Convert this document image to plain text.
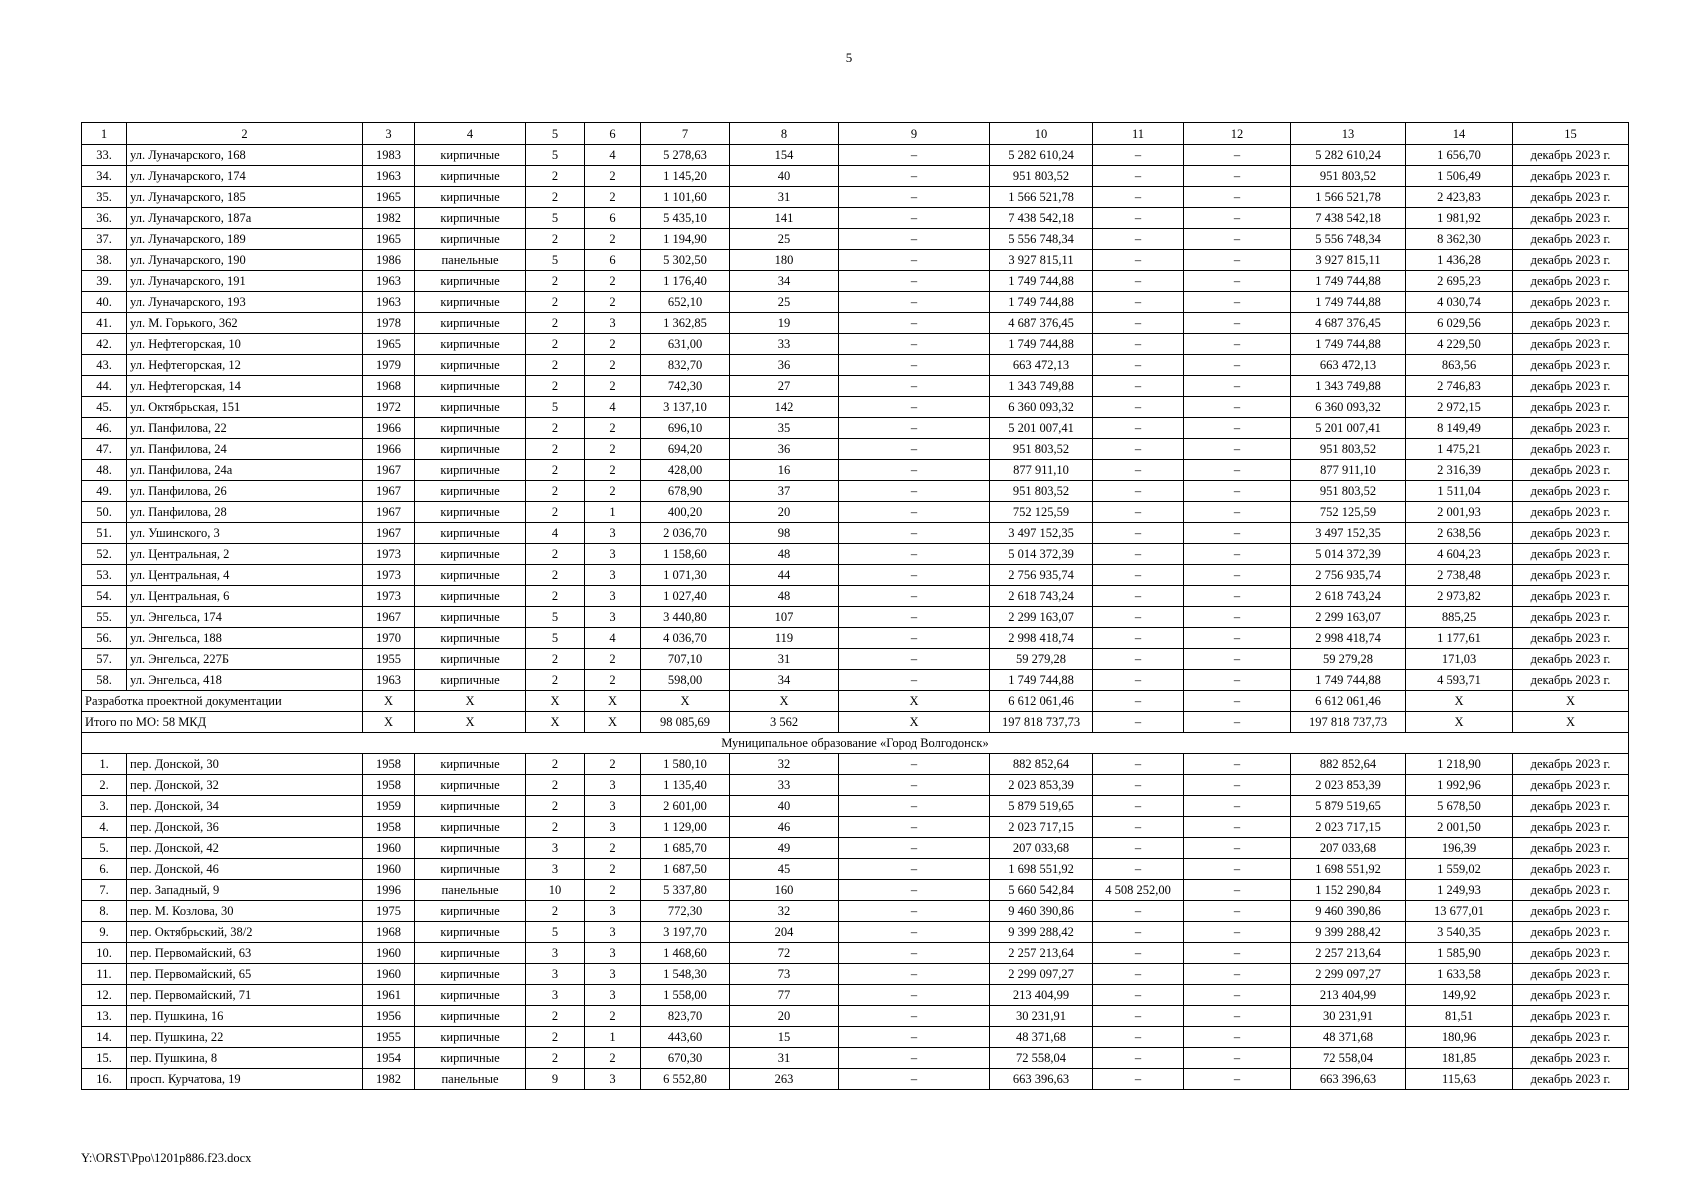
5
1	2	3	4	5	6	7	8	9	10	11	12	13	14	15
33.	ул. Луначарского, 168	1983	кирпичные	5	4	5 278,63	154	–	5 282 610,24	–	–	5 282 610,24	1 656,70	декабрь 2023 г.
34.	ул. Луначарского, 174	1963	кирпичные	2	2	1 145,20	40	–	951 803,52	–	–	951 803,52	1 506,49	декабрь 2023 г.
35.	ул. Луначарского, 185	1965	кирпичные	2	2	1 101,60	31	–	1 566 521,78	–	–	1 566 521,78	2 423,83	декабрь 2023 г.
36.	ул. Луначарского, 187а	1982	кирпичные	5	6	5 435,10	141	–	7 438 542,18	–	–	7 438 542,18	1 981,92	декабрь 2023 г.
37.	ул. Луначарского, 189	1965	кирпичные	2	2	1 194,90	25	–	5 556 748,34	–	–	5 556 748,34	8 362,30	декабрь 2023 г.
38.	ул. Луначарского, 190	1986	панельные	5	6	5 302,50	180	–	3 927 815,11	–	–	3 927 815,11	1 436,28	декабрь 2023 г.
39.	ул. Луначарского, 191	1963	кирпичные	2	2	1 176,40	34	–	1 749 744,88	–	–	1 749 744,88	2 695,23	декабрь 2023 г.
40.	ул. Луначарского, 193	1963	кирпичные	2	2	652,10	25	–	1 749 744,88	–	–	1 749 744,88	4 030,74	декабрь 2023 г.
41.	ул. М. Горького, 362	1978	кирпичные	2	3	1 362,85	19	–	4 687 376,45	–	–	4 687 376,45	6 029,56	декабрь 2023 г.
42.	ул. Нефтегорская, 10	1965	кирпичные	2	2	631,00	33	–	1 749 744,88	–	–	1 749 744,88	4 229,50	декабрь 2023 г.
43.	ул. Нефтегорская, 12	1979	кирпичные	2	2	832,70	36	–	663 472,13	–	–	663 472,13	863,56	декабрь 2023 г.
44.	ул. Нефтегорская, 14	1968	кирпичные	2	2	742,30	27	–	1 343 749,88	–	–	1 343 749,88	2 746,83	декабрь 2023 г.
45.	ул. Октябрьская, 151	1972	кирпичные	5	4	3 137,10	142	–	6 360 093,32	–	–	6 360 093,32	2 972,15	декабрь 2023 г.
46.	ул. Панфилова, 22	1966	кирпичные	2	2	696,10	35	–	5 201 007,41	–	–	5 201 007,41	8 149,49	декабрь 2023 г.
47.	ул. Панфилова, 24	1966	кирпичные	2	2	694,20	36	–	951 803,52	–	–	951 803,52	1 475,21	декабрь 2023 г.
48.	ул. Панфилова, 24а	1967	кирпичные	2	2	428,00	16	–	877 911,10	–	–	877 911,10	2 316,39	декабрь 2023 г.
49.	ул. Панфилова, 26	1967	кирпичные	2	2	678,90	37	–	951 803,52	–	–	951 803,52	1 511,04	декабрь 2023 г.
50.	ул. Панфилова, 28	1967	кирпичные	2	1	400,20	20	–	752 125,59	–	–	752 125,59	2 001,93	декабрь 2023 г.
51.	ул. Ушинского, 3	1967	кирпичные	4	3	2 036,70	98	–	3 497 152,35	–	–	3 497 152,35	2 638,56	декабрь 2023 г.
52.	ул. Центральная, 2	1973	кирпичные	2	3	1 158,60	48	–	5 014 372,39	–	–	5 014 372,39	4 604,23	декабрь 2023 г.
53.	ул. Центральная, 4	1973	кирпичные	2	3	1 071,30	44	–	2 756 935,74	–	–	2 756 935,74	2 738,48	декабрь 2023 г.
54.	ул. Центральная, 6	1973	кирпичные	2	3	1 027,40	48	–	2 618 743,24	–	–	2 618 743,24	2 973,82	декабрь 2023 г.
55.	ул. Энгельса, 174	1967	кирпичные	5	3	3 440,80	107	–	2 299 163,07	–	–	2 299 163,07	885,25	декабрь 2023 г.
56.	ул. Энгельса, 188	1970	кирпичные	5	4	4 036,70	119	–	2 998 418,74	–	–	2 998 418,74	1 177,61	декабрь 2023 г.
57.	ул. Энгельса, 227Б	1955	кирпичные	2	2	707,10	31	–	59 279,28	–	–	59 279,28	171,03	декабрь 2023 г.
58.	ул. Энгельса, 418	1963	кирпичные	2	2	598,00	34	–	1 749 744,88	–	–	1 749 744,88	4 593,71	декабрь 2023 г.
Разработка проектной документации		X	X	X	X	X	X	X	6 612 061,46	–	–	6 612 061,46	X	X
Итого по МО: 58 МКД		X	X	X	X	98 085,69	3 562	X	197 818 737,73	–	–	197 818 737,73	X	X
Муниципальное образование «Город Волгодонск»														
1.	пер. Донской, 30	1958	кирпичные	2	2	1 580,10	32	–	882 852,64	–	–	882 852,64	1 218,90	декабрь 2023 г.
2.	пер. Донской, 32	1958	кирпичные	2	3	1 135,40	33	–	2 023 853,39	–	–	2 023 853,39	1 992,96	декабрь 2023 г.
3.	пер. Донской, 34	1959	кирпичные	2	3	2 601,00	40	–	5 879 519,65	–	–	5 879 519,65	5 678,50	декабрь 2023 г.
4.	пер. Донской, 36	1958	кирпичные	2	3	1 129,00	46	–	2 023 717,15	–	–	2 023 717,15	2 001,50	декабрь 2023 г.
5.	пер. Донской, 42	1960	кирпичные	3	2	1 685,70	49	–	207 033,68	–	–	207 033,68	196,39	декабрь 2023 г.
6.	пер. Донской, 46	1960	кирпичные	3	2	1 687,50	45	–	1 698 551,92	–	–	1 698 551,92	1 559,02	декабрь 2023 г.
7.	пер. Западный, 9	1996	панельные	10	2	5 337,80	160	–	5 660 542,84	4 508 252,00	–	1 152 290,84	1 249,93	декабрь 2023 г.
8.	пер. М. Козлова, 30	1975	кирпичные	2	3	772,30	32	–	9 460 390,86	–	–	9 460 390,86	13 677,01	декабрь 2023 г.
9.	пер. Октябрьский, 38/2	1968	кирпичные	5	3	3 197,70	204	–	9 399 288,42	–	–	9 399 288,42	3 540,35	декабрь 2023 г.
10.	пер. Первомайский, 63	1960	кирпичные	3	3	1 468,60	72	–	2 257 213,64	–	–	2 257 213,64	1 585,90	декабрь 2023 г.
11.	пер. Первомайский, 65	1960	кирпичные	3	3	1 548,30	73	–	2 299 097,27	–	–	2 299 097,27	1 633,58	декабрь 2023 г.
12.	пер. Первомайский, 71	1961	кирпичные	3	3	1 558,00	77	–	213 404,99	–	–	213 404,99	149,92	декабрь 2023 г.
13.	пер. Пушкина, 16	1956	кирпичные	2	2	823,70	20	–	30 231,91	–	–	30 231,91	81,51	декабрь 2023 г.
14.	пер. Пушкина, 22	1955	кирпичные	2	1	443,60	15	–	48 371,68	–	–	48 371,68	180,96	декабрь 2023 г.
15.	пер. Пушкина, 8	1954	кирпичные	2	2	670,30	31	–	72 558,04	–	–	72 558,04	181,85	декабрь 2023 г.
16.	просп. Курчатова, 19	1982	панельные	9	3	6 552,80	263	–	663 396,63	–	–	663 396,63	115,63	декабрь 2023 г.
Y:\ORST\Ppo\1201p886.f23.docx
